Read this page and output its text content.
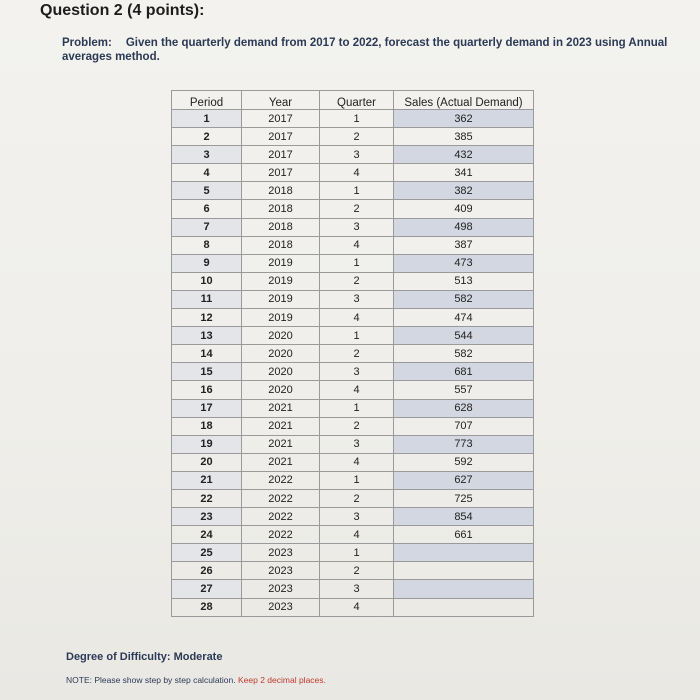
Question 2 (4 points):
Problem: Given the quarterly demand from 2017 to 2022, forecast the quarterly demand in 2023 using Annual averages method.
Period	Year	Quarter	Sales (Actual Demand)
1	2017	1	362
2	2017	2	385
3	2017	3	432
4	2017	4	341
5	2018	1	382
6	2018	2	409
7	2018	3	498
8	2018	4	387
9	2019	1	473
10	2019	2	513
11	2019	3	582
12	2019	4	474
13	2020	1	544
14	2020	2	582
15	2020	3	681
16	2020	4	557
17	2021	1	628
18	2021	2	707
19	2021	3	773
20	2021	4	592
21	2022	1	627
22	2022	2	725
23	2022	3	854
24	2022	4	661
25	2023	1	
26	2023	2	
27	2023	3	
28	2023	4	
Degree of Difficulty: Moderate
NOTE: Please show step by step calculation. Keep 2 decimal places.
